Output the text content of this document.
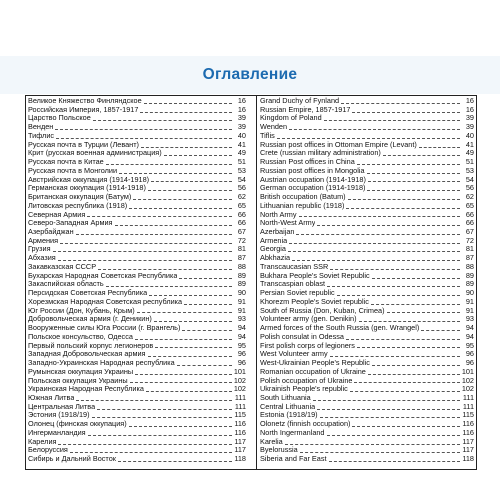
Оглавление
Великое Княжество Финляндское	16
Российская Империя, 1857-1917	16
Царство Польское	39
Венден	39
Тифлис	40
Русская почта в Турции (Левант)	41
Крит (русская военная администрация)	49
Русская почта в Китае	51
Русская почта в Монголии	53
Австрийская оккупация (1914-1918)	54
Германская оккупация (1914-1918)	56
Британская оккупация (Батум)	62
Литовская республика (1918)	65
Северная Армия	66
Северо-Западная Армия	66
Азербайджан	67
Армения	72
Грузия	81
Абхазия	87
Закавказская СССР	88
Бухарская Народная Советская Республика	89
Закаспийская область	89
Персидская Советская Республика	90
Хорезмская Народная Советская республика	91
Юг России (Дон, Кубань, Крым)	91
Добровольческая армия (г. Деникин)	93
Вооруженные силы Юга России (г. Врангель)	94
Польское консульство, Одесса	94
Первый польский корпус легионеров	95
Западная Добровольческая армия	96
Западно-Украинская Народная республика	96
Румынская оккупация Украины	101
Польская оккупация Украины	102
Украинская Народная Республика	102
Южная Литва	111
Центральная Литва	111
Эстония (1918/19)	115
Олонец (финская оккупация)	116
Ингерманландия	116
Карелия	117
Белоруссия	117
Сибирь и Дальний Восток	118
Grand Duchy of Fynland	16
Russian Empire, 1857-1917	16
Kingdom of Poland	39
Wenden	39
Tiflis	40
Russian post offices in Ottoman Empire (Levant)	41
Crete (russian military administration)	49
Russian Post offices in China	51
Russian post offices in Mongolia	53
Austrian occupation (1914-1918)	54
German occupation (1914-1918)	56
British occupation (Batum)	62
Lithuanian republic (1918)	65
North Army	66
North-West Army	66
Azerbaijan	67
Armenia	72
Georgia	81
Abkhazia	87
Transcaucasian SSR	88
Bukhara People's Soviet Republic	89
Transcaspian oblast	89
Persian Soviet republic	90
Khorezm People's Soviet republic	91
South of Russia (Don, Kuban, Crimea)	91
Volunteer army (gen. Denikin)	93
Armed forces of the South Russia (gen. Wrangel)	94
Polish consulat in Odessa	94
First polish corps of legioners	95
West Volunteer army	96
West-Ukrainian People's Republic	96
Romanian occupation of Ukraine	101
Polish occupation of Ukraine	102
Ukrainish People's republic	102
South Lithuania	111
Central Lithuania	111
Estonia (1918/19)	115
Olonetz (finnish occupation)	116
North Ingermanland	116
Karelia	117
Byelorussia	117
Siberia and Far East	118
